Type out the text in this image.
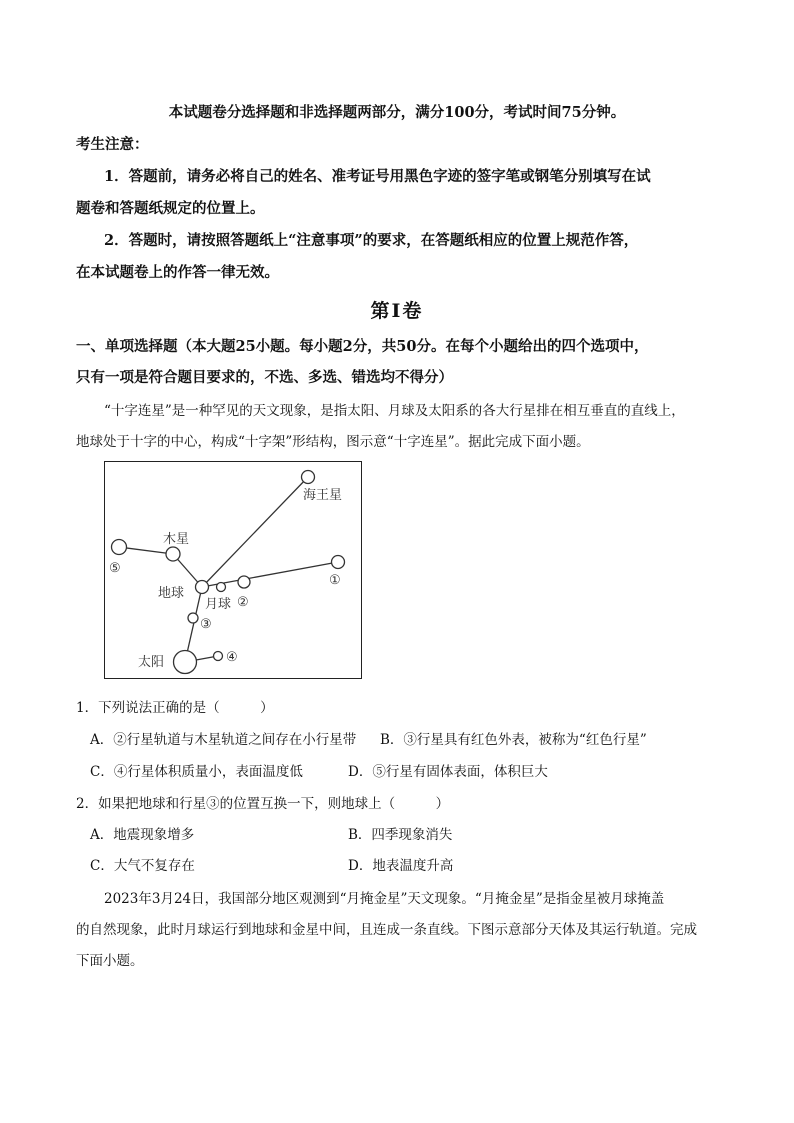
本试题卷分选择题和非选择题两部分，满分100分，考试时间75分钟。
考生注意：
1．答题前，请务必将自己的姓名、准考证号用黑色字迹的签字笔或钢笔分别填写在试
题卷和答题纸规定的位置上。
2．答题时，请按照答题纸上“注意事项”的要求，在答题纸相应的位置上规范作答，
在本试题卷上的作答一律无效。
第Ⅰ卷
一、单项选择题（本大题25小题。每小题2分，共50分。在每个小题给出的四个选项中，
只有一项是符合题目要求的，不选、多选、错选均不得分）
“十字连星”是一种罕见的天文现象，是指太阳、月球及太阳系的各大行星排在相互垂直的直线上，
地球处于十字的中心，构成“十字架”形结构，图示意“十字连星”。据此完成下面小题。
海王星
木星
⑤
①
地球
月球 ②
③
④
太阳
1．下列说法正确的是（　　　）
A．②行星轨道与木星轨道之间存在小行星带 B．③行星具有红色外表，被称为“红色行星”
C．④行星体积质量小，表面温度低	D．⑤行星有固体表面，体积巨大
2．如果把地球和行星③的位置互换一下，则地球上（　　　）
A．地震现象增多	B．四季现象消失
C．大气不复存在	D．地表温度升高
2023年3月24日，我国部分地区观测到“月掩金星”天文现象。“月掩金星”是指金星被月球掩盖
的自然现象，此时月球运行到地球和金星中间，且连成一条直线。下图示意部分天体及其运行轨道。完成
下面小题。
